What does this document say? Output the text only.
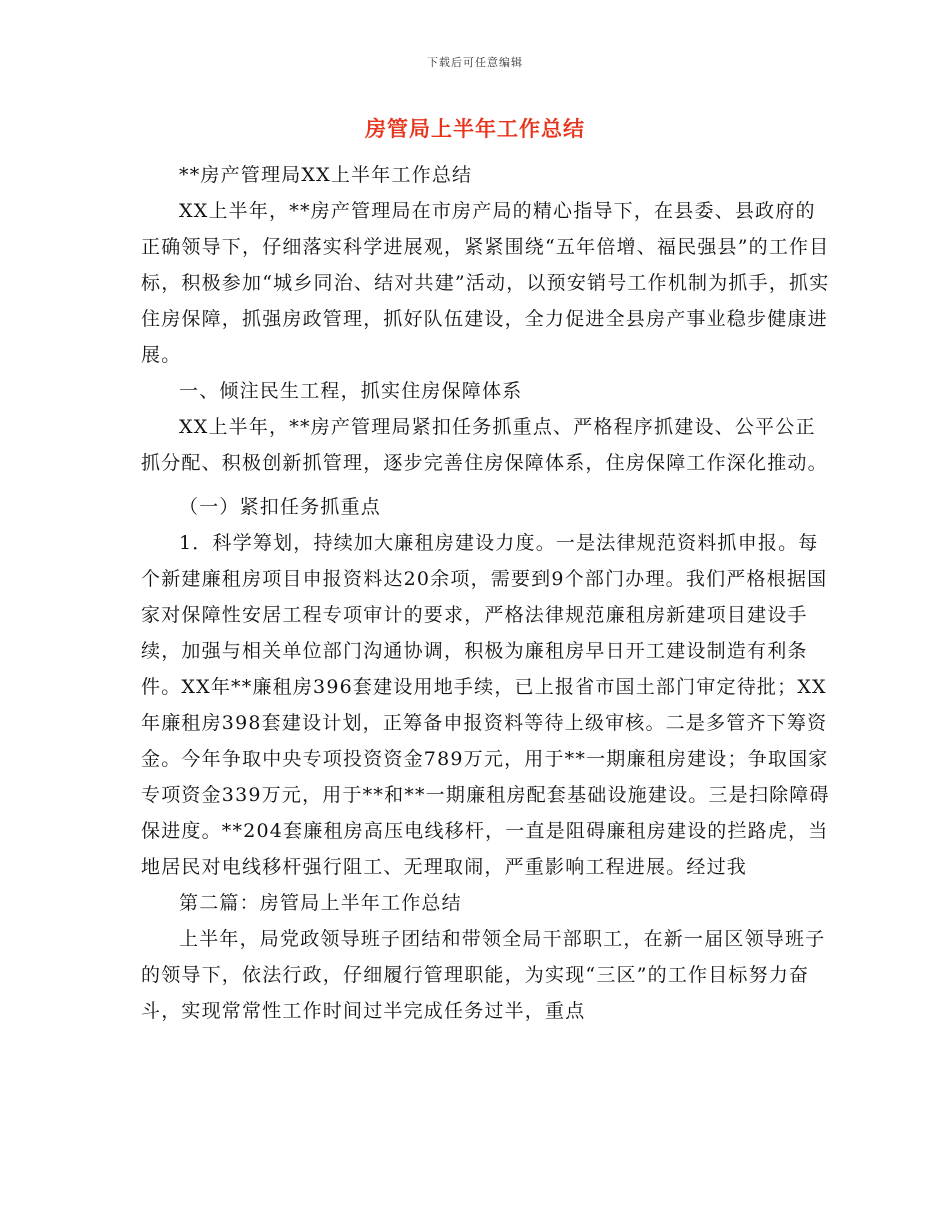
下载后可任意编辑
房管局上半年工作总结

**房产管理局XX上半年工作总结

XX上半年，**房产管理局在市房产局的精心指导下，在县委、县政府的正确领导下，仔细落实科学进展观，紧紧围绕“五年倍增、福民强县”的工作目标，积极参加“城乡同治、结对共建”活动，以预安销号工作机制为抓手，抓实住房保障，抓强房政管理，抓好队伍建设，全力促进全县房产事业稳步健康进展。

一、倾注民生工程，抓实住房保障体系

XX上半年，**房产管理局紧扣任务抓重点、严格程序抓建设、公平公正抓分配、积极创新抓管理，逐步完善住房保障体系，住房保障工作深化推动。

（一）紧扣任务抓重点

1．科学筹划，持续加大廉租房建设力度。一是法律规范资料抓申报。每个新建廉租房项目申报资料达20余项，需要到9个部门办理。我们严格根据国家对保障性安居工程专项审计的要求，严格法律规范廉租房新建项目建设手续，加强与相关单位部门沟通协调，积极为廉租房早日开工建设制造有利条件。XX年**廉租房396套建设用地手续，已上报省市国土部门审定待批；XX年廉租房398套建设计划，正筹备申报资料等待上级审核。二是多管齐下筹资金。今年争取中央专项投资资金789万元，用于**一期廉租房建设；争取国家专项资金339万元，用于**和**一期廉租房配套基础设施建设。三是扫除障碍保进度。**204套廉租房高压电线移杆，一直是阻碍廉租房建设的拦路虎，当地居民对电线移杆强行阻工、无理取闹，严重影响工程进展。经过我

第二篇：房管局上半年工作总结

上半年，局党政领导班子团结和带领全局干部职工，在新一届区领导班子的领导下，依法行政，仔细履行管理职能，为实现“三区”的工作目标努力奋斗，实现常常性工作时间过半完成任务过半，重点
